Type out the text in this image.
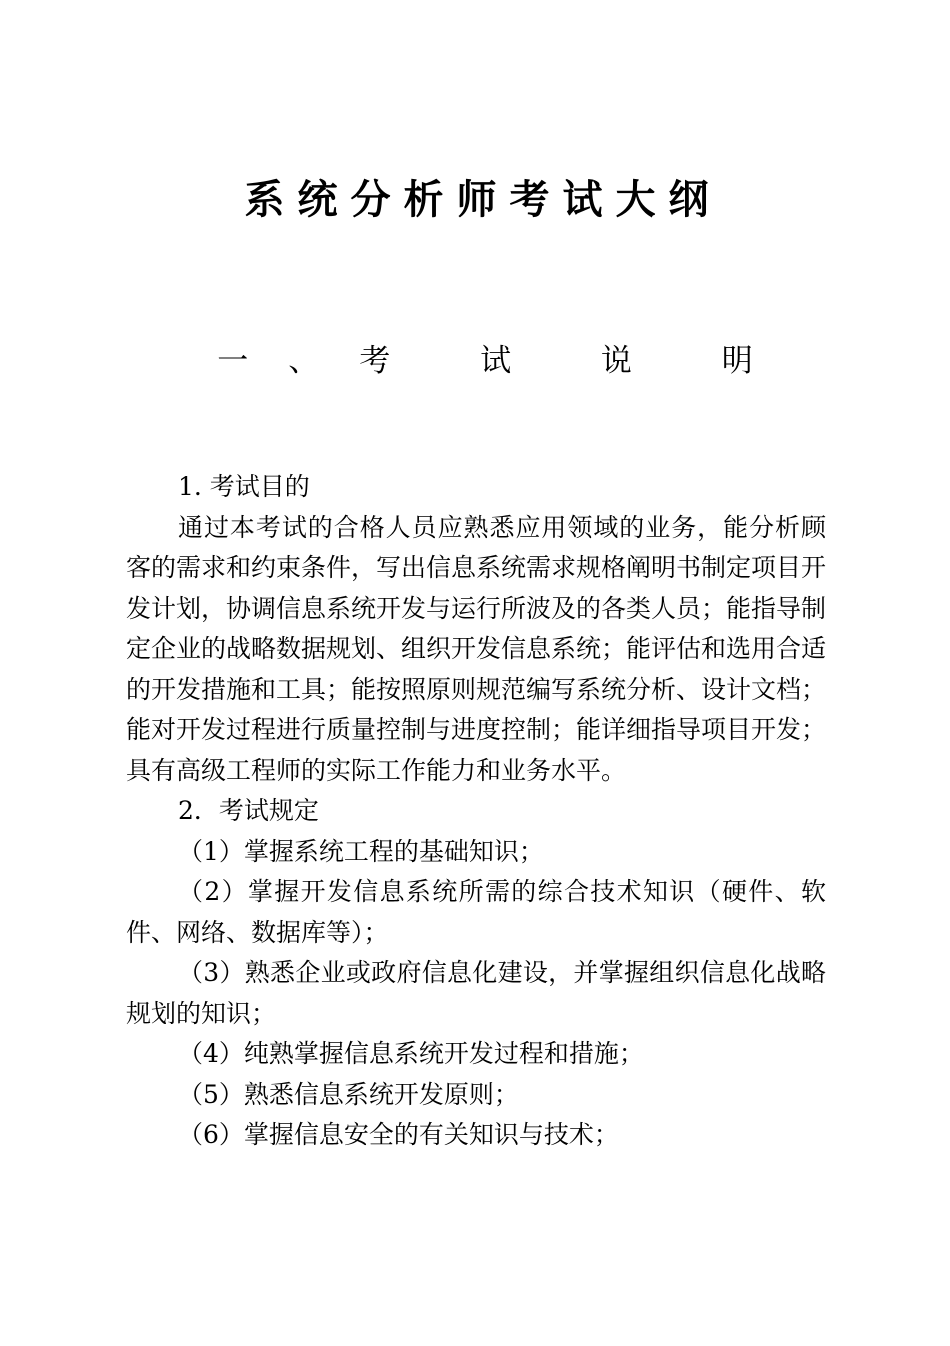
系统分析师考试大纲
一、考 试 说 明

1. 考试目的

通过本考试的合格人员应熟悉应用领域的业务，能分析顾客的需求和约束条件，写出信息系统需求规格阐明书制定项目开发计划，协调信息系统开发与运行所波及的各类人员；能指导制定企业的战略数据规划、组织开发信息系统；能评估和选用合适的开发措施和工具；能按照原则规范编写系统分析、设计文档；能对开发过程进行质量控制与进度控制；能详细指导项目开发；具有高级工程师的实际工作能力和业务水平。

2．考试规定

（1）掌握系统工程的基础知识；

（2）掌握开发信息系统所需的综合技术知识（硬件、软件、网络、数据库等）；

（3）熟悉企业或政府信息化建设，并掌握组织信息化战略规划的知识；

（4）纯熟掌握信息系统开发过程和措施；

（5）熟悉信息系统开发原则；

（6）掌握信息安全的有关知识与技术；
